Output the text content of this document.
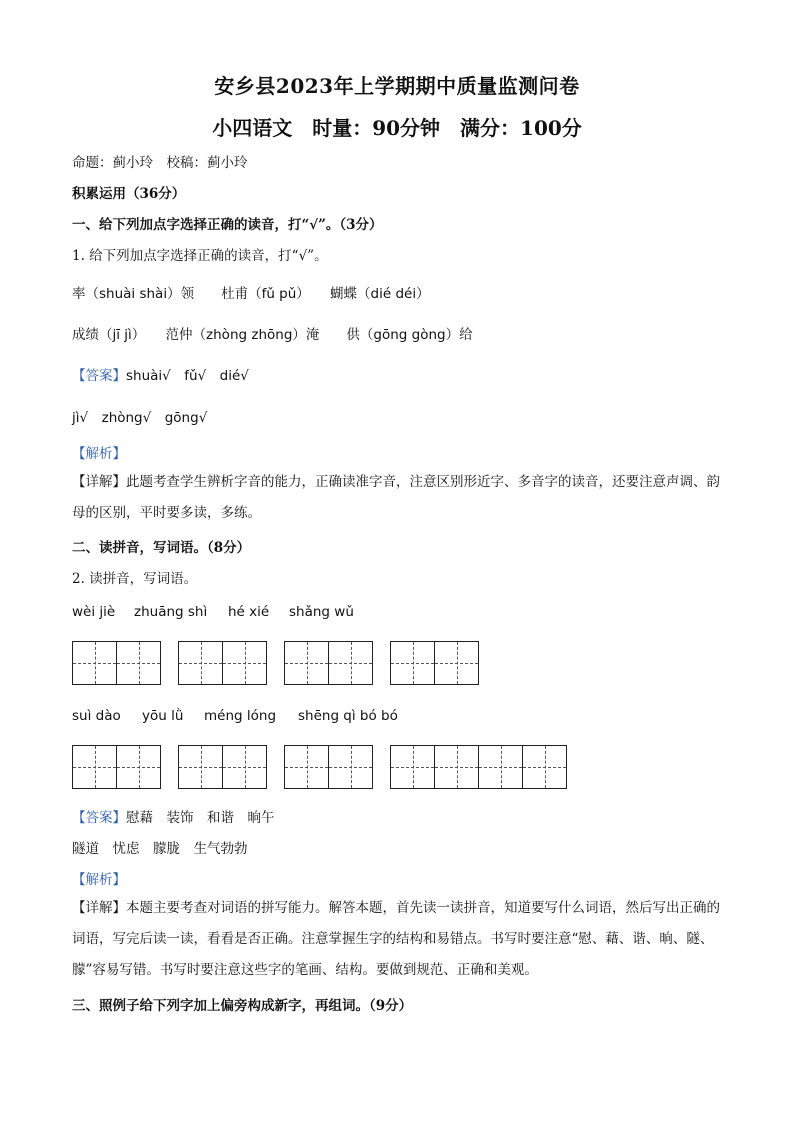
安乡县2023年上学期期中质量监测问卷
小四语文　时量：90分钟　满分：100分
命题：蓟小玲　校稿：蓟小玲
积累运用（36分）
一、给下列加点字选择正确的读音，打“√”。（3分）
1. 给下列加点字选择正确的读音，打“√”。
率（shuài shài）领　　杜甫（fǔ pǔ）　　蝴蝶（dié déi）
成绩（jī jì）　　范仲（zhòng zhōng）淹　　供（gōng gòng）给
【答案】shuài√　fǔ√　dié√
jì√　zhòng√　gōng√
【解析】
【详解】此题考查学生辨析字音的能力，正确读准字音，注意区别形近字、多音字的读音，还要注意声调、韵母的区别，平时要多读，多练。
二、读拼音，写词语。（8分）
2. 读拼音，写词语。
wèi jiè zhuāng shì hé xié shǎng wǔ
suì dào yōu lǜ méng lóng shēng qì bó bó
【答案】慰藉　装饰　和谐　晌午
隧道　忧虑　朦胧　生气勃勃
【解析】
【详解】本题主要考查对词语的拼写能力。解答本题，首先读一读拼音，知道要写什么词语，然后写出正确的词语，写完后读一读，看看是否正确。注意掌握生字的结构和易错点。书写时要注意“慰、藉、谐、晌、隧、朦”容易写错。书写时要注意这些字的笔画、结构。要做到规范、正确和美观。
三、照例子给下列字加上偏旁构成新字，再组词。（9分）
